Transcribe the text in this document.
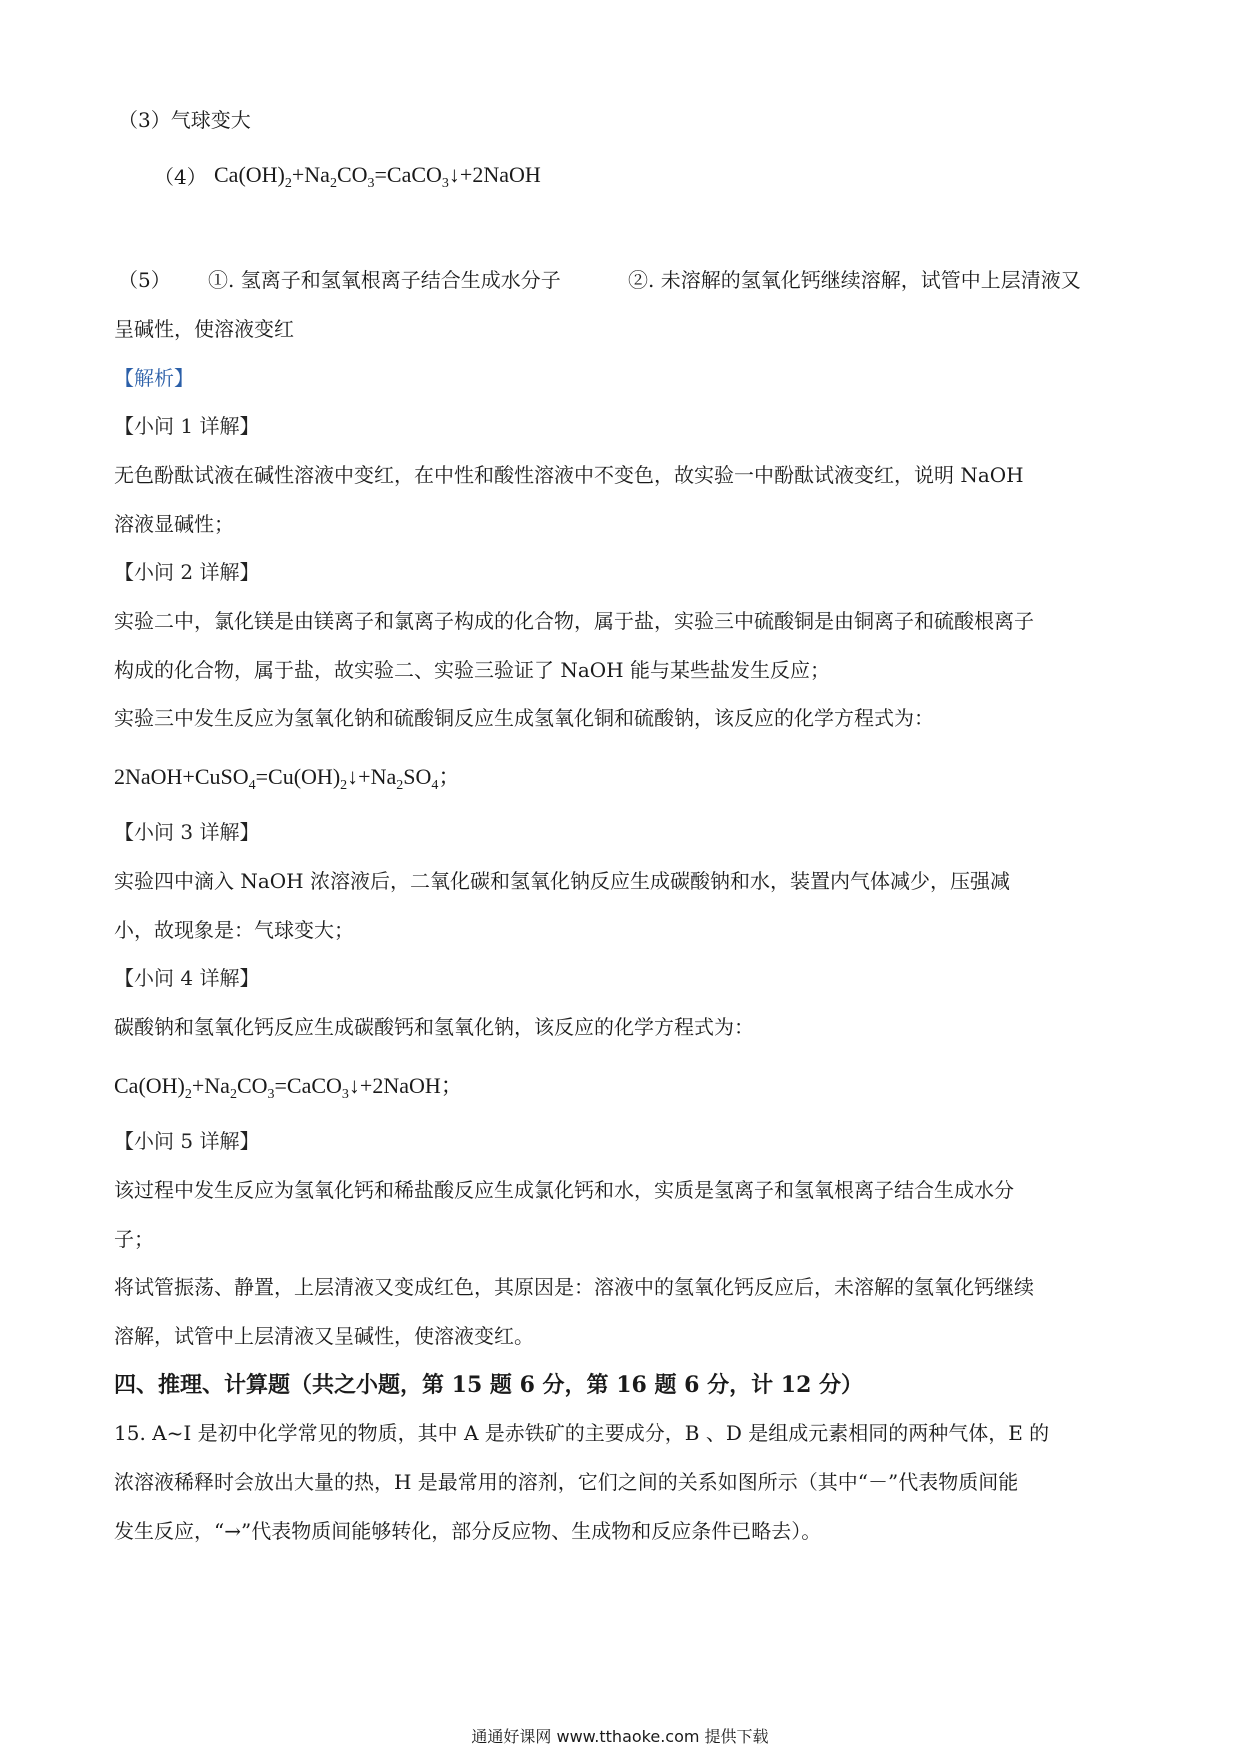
（3）气球变大
（4） $Ca(OH)_2+Na_2CO_3=CaCO_3↓+2NaOH$
（5） ①. 氢离子和氢氧根离子结合生成水分子	②. 未溶解的氢氧化钙继续溶解，试管中上层清液又
呈碱性，使溶液变红
【解析】
【小问 1 详解】
无色酚酞试液在碱性溶液中变红，在中性和酸性溶液中不变色，故实验一中酚酞试液变红，说明 NaOH
溶液显碱性；
【小问 2 详解】
实验二中，氯化镁是由镁离子和氯离子构成的化合物，属于盐，实验三中硫酸铜是由铜离子和硫酸根离子
构成的化合物，属于盐，故实验二、实验三验证了 NaOH 能与某些盐发生反应；
实验三中发生反应为氢氧化钠和硫酸铜反应生成氢氧化铜和硫酸钠，该反应的化学方程式为：
$2NaOH+CuSO_4=Cu(OH)_2↓+Na_2SO_4$；
【小问 3 详解】
实验四中滴入 NaOH 浓溶液后，二氧化碳和氢氧化钠反应生成碳酸钠和水，装置内气体减少，压强减
小，故现象是：气球变大；
【小问 4 详解】
碳酸钠和氢氧化钙反应生成碳酸钙和氢氧化钠，该反应的化学方程式为：
$Ca(OH)_2+Na_2CO_3=CaCO_3↓+2NaOH$；
【小问 5 详解】
该过程中发生反应为氢氧化钙和稀盐酸反应生成氯化钙和水，实质是氢离子和氢氧根离子结合生成水分
子；
将试管振荡、静置，上层清液又变成红色，其原因是：溶液中的氢氧化钙反应后，未溶解的氢氧化钙继续
溶解，试管中上层清液又呈碱性，使溶液变红。
四、推理、计算题（共之小题，第 15 题 6 分，第 16 题 6 分，计 12 分）
15. A~I 是初中化学常见的物质，其中 A 是赤铁矿的主要成分，B 、D 是组成元素相同的两种气体，E 的
浓溶液稀释时会放出大量的热，H 是最常用的溶剂，它们之间的关系如图所示（其中“－”代表物质间能
发生反应，“→”代表物质间能够转化，部分反应物、生成物和反应条件已略去）。
通通好课网 www.tthaoke.com 提供下载
